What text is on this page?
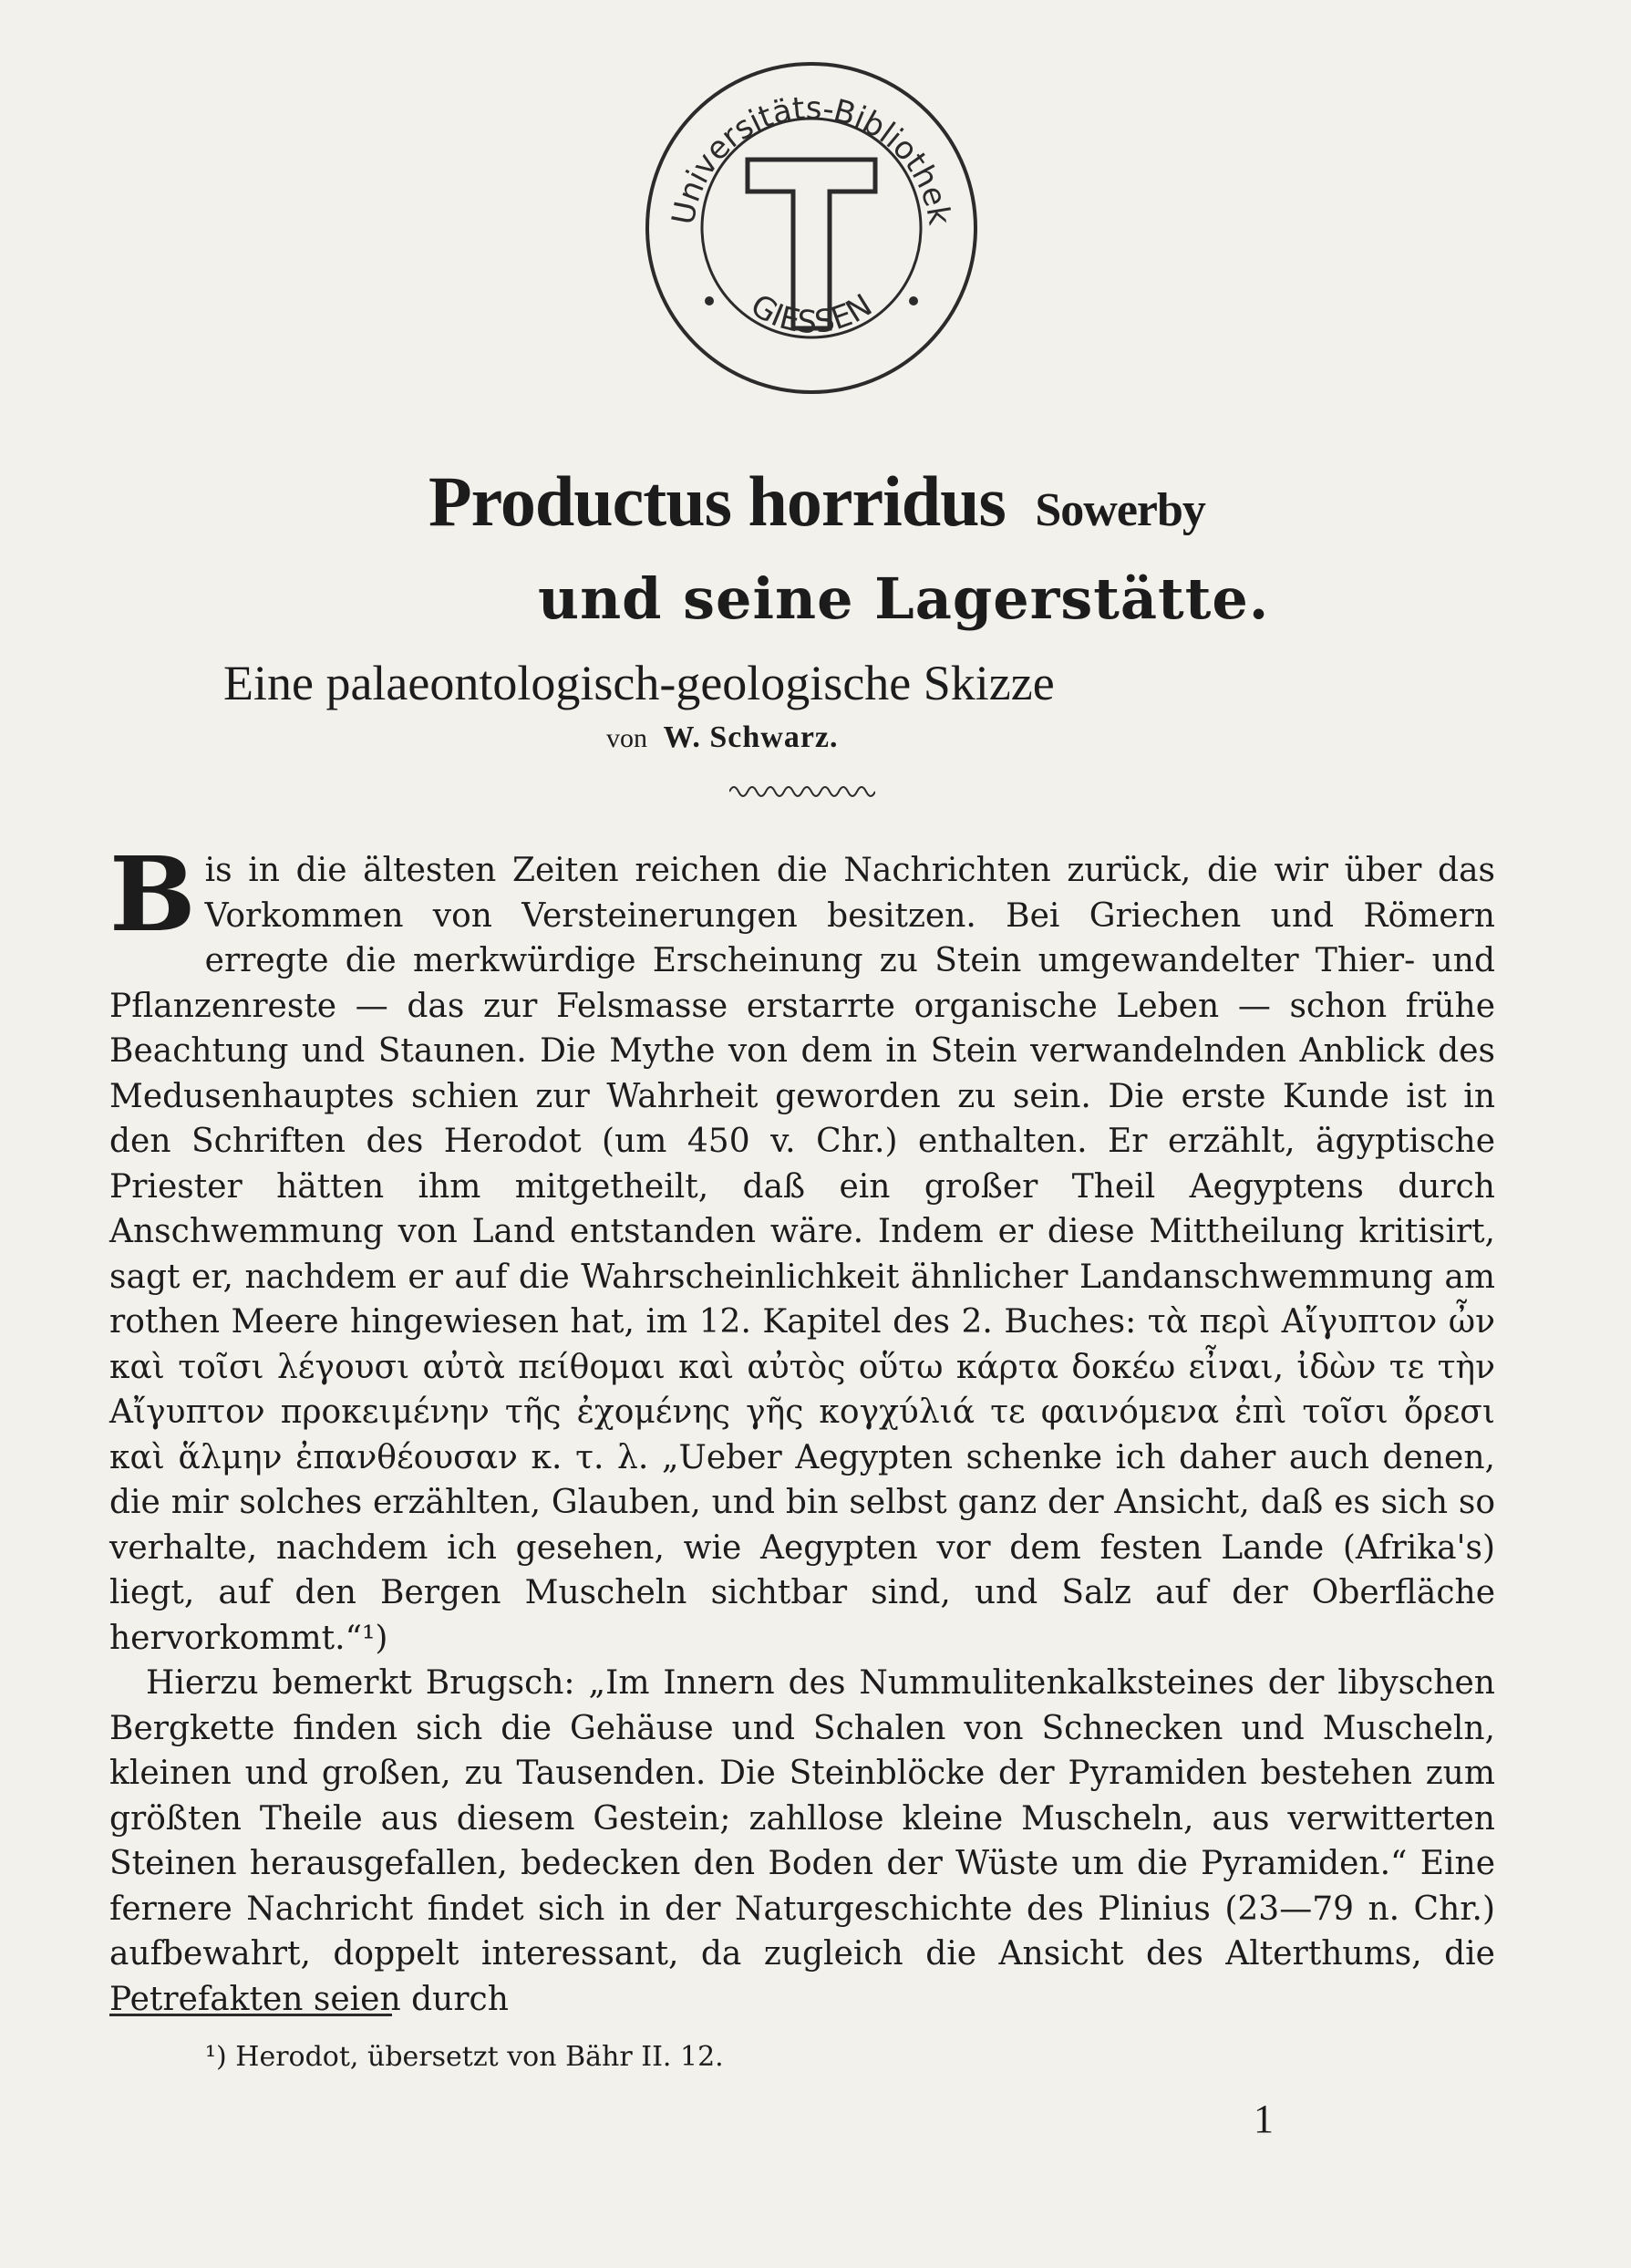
Universitäts-Bibliothek
GIESSEN
Productus horridus Sowerby
und seine Lagerstätte.
Eine palaeontologisch-geologische Skizze
von W. Schwarz.
B is in die ältesten Zeiten reichen die Nachrichten zurück, die wir über das Vorkommen von Versteinerungen besitzen. Bei Griechen und Römern erregte die merkwürdige Erscheinung zu Stein umgewandelter Thier- und Pflanzenreste — das zur Felsmasse erstarrte organische Leben — schon frühe Beachtung und Staunen. Die Mythe von dem in Stein verwandelnden Anblick des Medusenhauptes schien zur Wahrheit geworden zu sein. Die erste Kunde ist in den Schriften des Herodot (um 450 v. Chr.) enthalten. Er erzählt, ägyptische Priester hätten ihm mitgetheilt, daß ein großer Theil Aegyptens durch Anschwemmung von Land entstanden wäre. Indem er diese Mittheilung kritisirt, sagt er, nachdem er auf die Wahrscheinlichkeit ähnlicher Landanschwemmung am rothen Meere hingewiesen hat, im 12. Kapitel des 2. Buches: τὰ περὶ Αἴγυπτον ὦν καὶ τοῖσι λέγουσι αὐτὰ πείθομαι καὶ αὐτὸς οὕτω κάρτα δοκέω εἶναι, ἰδὼν τε τὴν Αἴγυπτον προκειμένην τῆς ἐχομένης γῆς κογχύλιά τε φαινόμενα ἐπὶ τοῖσι ὄρεσι καὶ ἅλμην ἐπανθέουσαν κ. τ. λ. „Ueber Aegypten schenke ich daher auch denen, die mir solches erzählten, Glauben, und bin selbst ganz der Ansicht, daß es sich so verhalte, nachdem ich gesehen, wie Aegypten vor dem festen Lande (Afrika's) liegt, auf den Bergen Muscheln sichtbar sind, und Salz auf der Oberfläche hervorkommt.“¹)
Hierzu bemerkt Brugsch: „Im Innern des Nummulitenkalksteines der libyschen Bergkette finden sich die Gehäuse und Schalen von Schnecken und Muscheln, kleinen und großen, zu Tausenden. Die Steinblöcke der Pyramiden bestehen zum größten Theile aus diesem Gestein; zahllose kleine Muscheln, aus verwitterten Steinen herausgefallen, bedecken den Boden der Wüste um die Pyramiden.“ Eine fernere Nachricht findet sich in der Naturgeschichte des Plinius (23—79 n. Chr.) aufbewahrt, doppelt interessant, da zugleich die Ansicht des Alterthums, die Petrefakten seien durch
¹) Herodot, übersetzt von Bähr II. 12.
1
